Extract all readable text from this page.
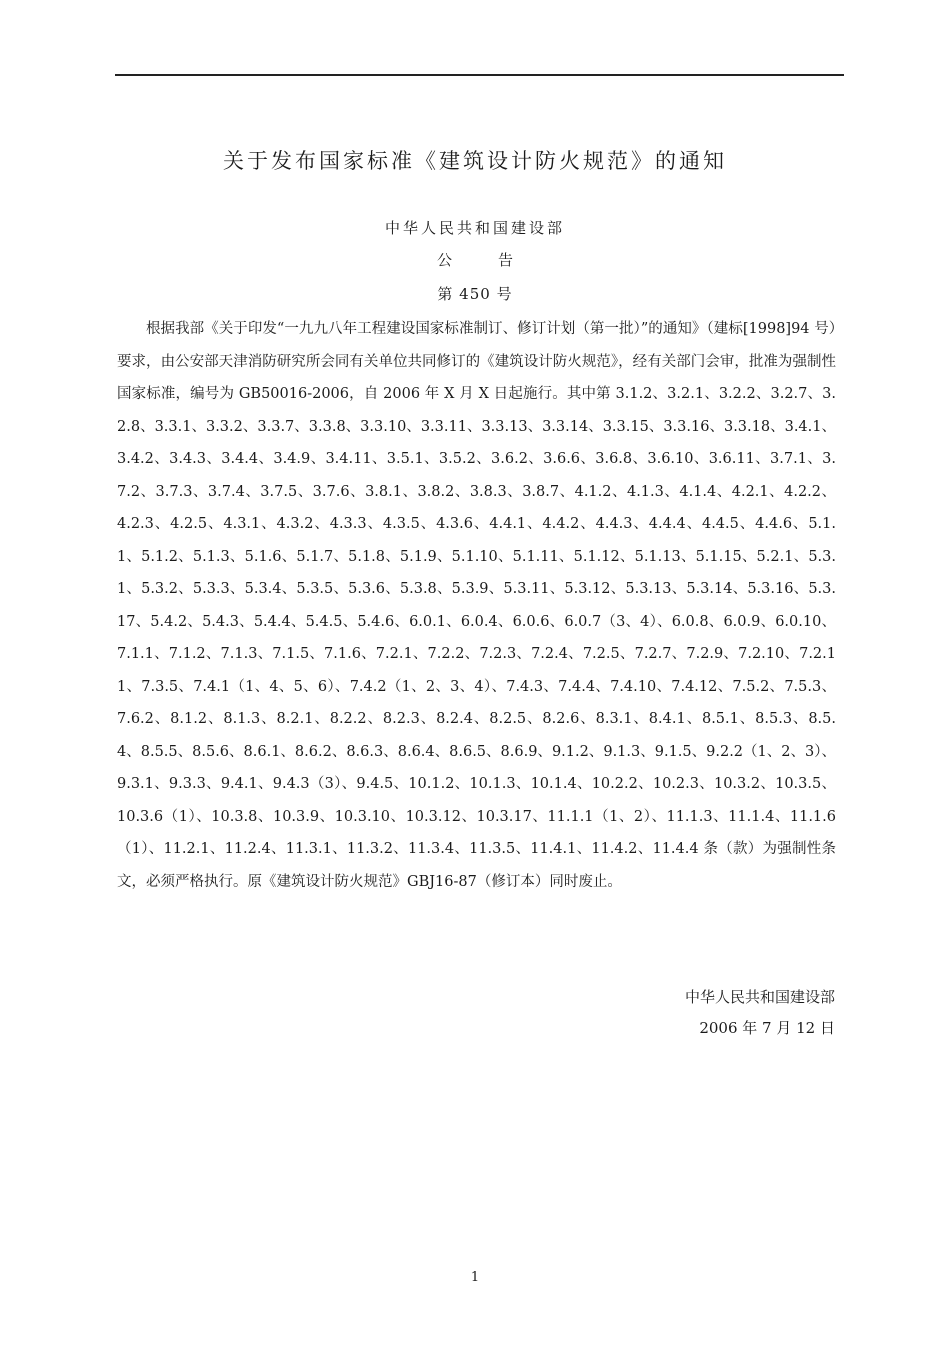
关于发布国家标准《建筑设计防火规范》的通知
中华人民共和国建设部
公	告
第 450 号

根据我部《关于印发“一九九八年工程建设国家标准制订、修订计划（第一批）”的通知》（建标[1998]94 号）要求，由公安部天津消防研究所会同有关单位共同修订的《建筑设计防火规范》，经有关部门会审，批准为强制性国家标准，编号为 GB50016-2006，自 2006 年 X 月 X 日起施行。其中第 3.1.2、3.2.1、3.2.2、3.2.7、3.2.8、3.3.1、3.3.2、3.3.7、3.3.8、3.3.10、3.3.11、3.3.13、3.3.14、3.3.15、3.3.16、3.3.18、3.4.1、3.4.2、3.4.3、3.4.4、3.4.9、3.4.11、3.5.1、3.5.2、3.6.2、3.6.6、3.6.8、3.6.10、3.6.11、3.7.1、3.7.2、3.7.3、3.7.4、3.7.5、3.7.6、3.8.1、3.8.2、3.8.3、3.8.7、4.1.2、4.1.3、4.1.4、4.2.1、4.2.2、4.2.3、4.2.5、4.3.1、4.3.2、4.3.3、4.3.5、4.3.6、4.4.1、4.4.2、4.4.3、4.4.4、4.4.5、4.4.6、5.1.1、5.1.2、5.1.3、5.1.6、5.1.7、5.1.8、5.1.9、5.1.10、5.1.11、5.1.12、5.1.13、5.1.15、5.2.1、5.3.1、5.3.2、5.3.3、5.3.4、5.3.5、5.3.6、5.3.8、5.3.9、5.3.11、5.3.12、5.3.13、5.3.14、5.3.16、5.3.17、5.4.2、5.4.3、5.4.4、5.4.5、5.4.6、6.0.1、6.0.4、6.0.6、6.0.7（3、4）、6.0.8、6.0.9、6.0.10、7.1.1、7.1.2、7.1.3、7.1.5、7.1.6、7.2.1、7.2.2、7.2.3、7.2.4、7.2.5、7.2.7、7.2.9、7.2.10、7.2.11、7.3.5、7.4.1（1、4、5、6）、7.4.2（1、2、3、4）、7.4.3、7.4.4、7.4.10、7.4.12、7.5.2、7.5.3、7.6.2、8.1.2、8.1.3、8.2.1、8.2.2、8.2.3、8.2.4、8.2.5、8.2.6、8.3.1、8.4.1、8.5.1、8.5.3、8.5.4、8.5.5、8.5.6、8.6.1、8.6.2、8.6.3、8.6.4、8.6.5、8.6.9、9.1.2、9.1.3、9.1.5、9.2.2（1、2、3）、9.3.1、9.3.3、9.4.1、9.4.3（3）、9.4.5、10.1.2、10.1.3、10.1.4、10.2.2、10.2.3、10.3.2、10.3.5、10.3.6（1）、10.3.8、10.3.9、10.3.10、10.3.12、10.3.17、11.1.1（1、2）、11.1.3、11.1.4、11.1.6（1）、11.2.1、11.2.4、11.3.1、11.3.2、11.3.4、11.3.5、11.4.1、11.4.2、11.4.4 条（款）为强制性条文，必须严格执行。原《建筑设计防火规范》GBJ16-87（修订本）同时废止。

中华人民共和国建设部
2006 年 7 月 12 日
1
